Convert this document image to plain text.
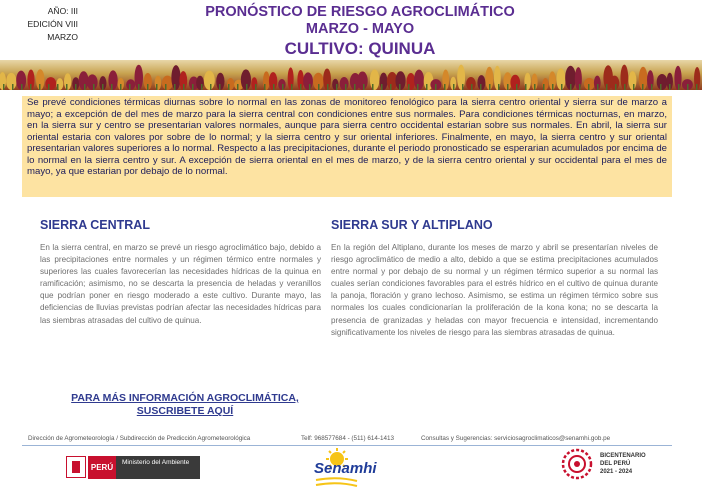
AÑO: III
EDICIÓN VIII
MARZO
PRONÓSTICO DE RIESGO AGROCLIMÁTICO
MARZO - MAYO
CULTIVO: QUINUA
Se prevé condiciones térmicas diurnas sobre lo normal en las zonas de monitoreo fenológico para la sierra centro oriental y sierra sur de marzo a mayo; a excepción de del mes de marzo para la sierra central con condiciones entre sus normales. Para condiciones térmicas nocturnas, en marzo, en la sierra sur y centro se presentarian valores normales, aunque para sierra centro occidental estarian sobre sus normales. En abril, la sierra sur oriental estaria con valores por sobre de lo normal; y la sierra centro y sur oriental inferiores. Finalmente, en mayo, la sierra centro y sur oriental presentarian valores superiores a lo normal. Respecto a las precipitaciones, durante el periodo pronosticado se esperarian acumulados por encima de lo normal en la sierra centro y sur. A excepción de sierra oriental en el mes de marzo, y de la sierra centro oriental y sur occidental para el mes de mayo, ya que estarian por debajo de lo normal.
SIERRA CENTRAL
En la sierra central, en marzo se prevé un riesgo agroclimático bajo, debido a las precipitaciones entre normales y un régimen térmico entre normales y superiores las cuales favorecerían las necesidades hídricas de la quinua en ramificación; asimismo, no se descarta la presencia de heladas y veranillos que podrían poner en riesgo moderado a este cultivo. Durante mayo, las deficiencias de lluvias previstas podrían afectar las necesidades hídricas para las siembras atrasadas del cultivo de quinua.
SIERRA SUR Y ALTIPLANO
En la región del Altiplano, durante los meses de marzo y abril se presentarían niveles de riesgo agroclimático de medio a alto, debido a que se estima precipitaciones acumulados entre normal y por debajo de su normal y un régimen térmico superior a su normal las cuales serían condiciones favorables para el estrés hídrico en el cultivo de quinua durante la panoja, floración y grano lechoso. Asimismo, se estima un régimen térmico sobre sus normales los cuales condicionarían la proliferación de la kona kona; no se descarta la presencia de granizadas y heladas con mayor frecuencia e intensidad, incrementando significativamente los niveles de riesgo para las siembras atrasadas de quinua.
PARA MÁS INFORMACIÓN AGROCLIMÁTICA,
SUSCRIBETE AQUÍ
Dirección de Agrometeorología / Subdirección de Predicción Agrometeorológica	Telf: 968577684 - (511) 614-1413	Consultas y Sugerencias: serviciosagroclimaticos@senamhi.gob.pe
PERÚ
Ministerio del Ambiente	Senamhi
BICENTENARIO
DEL PERÚ
2021 - 2024
